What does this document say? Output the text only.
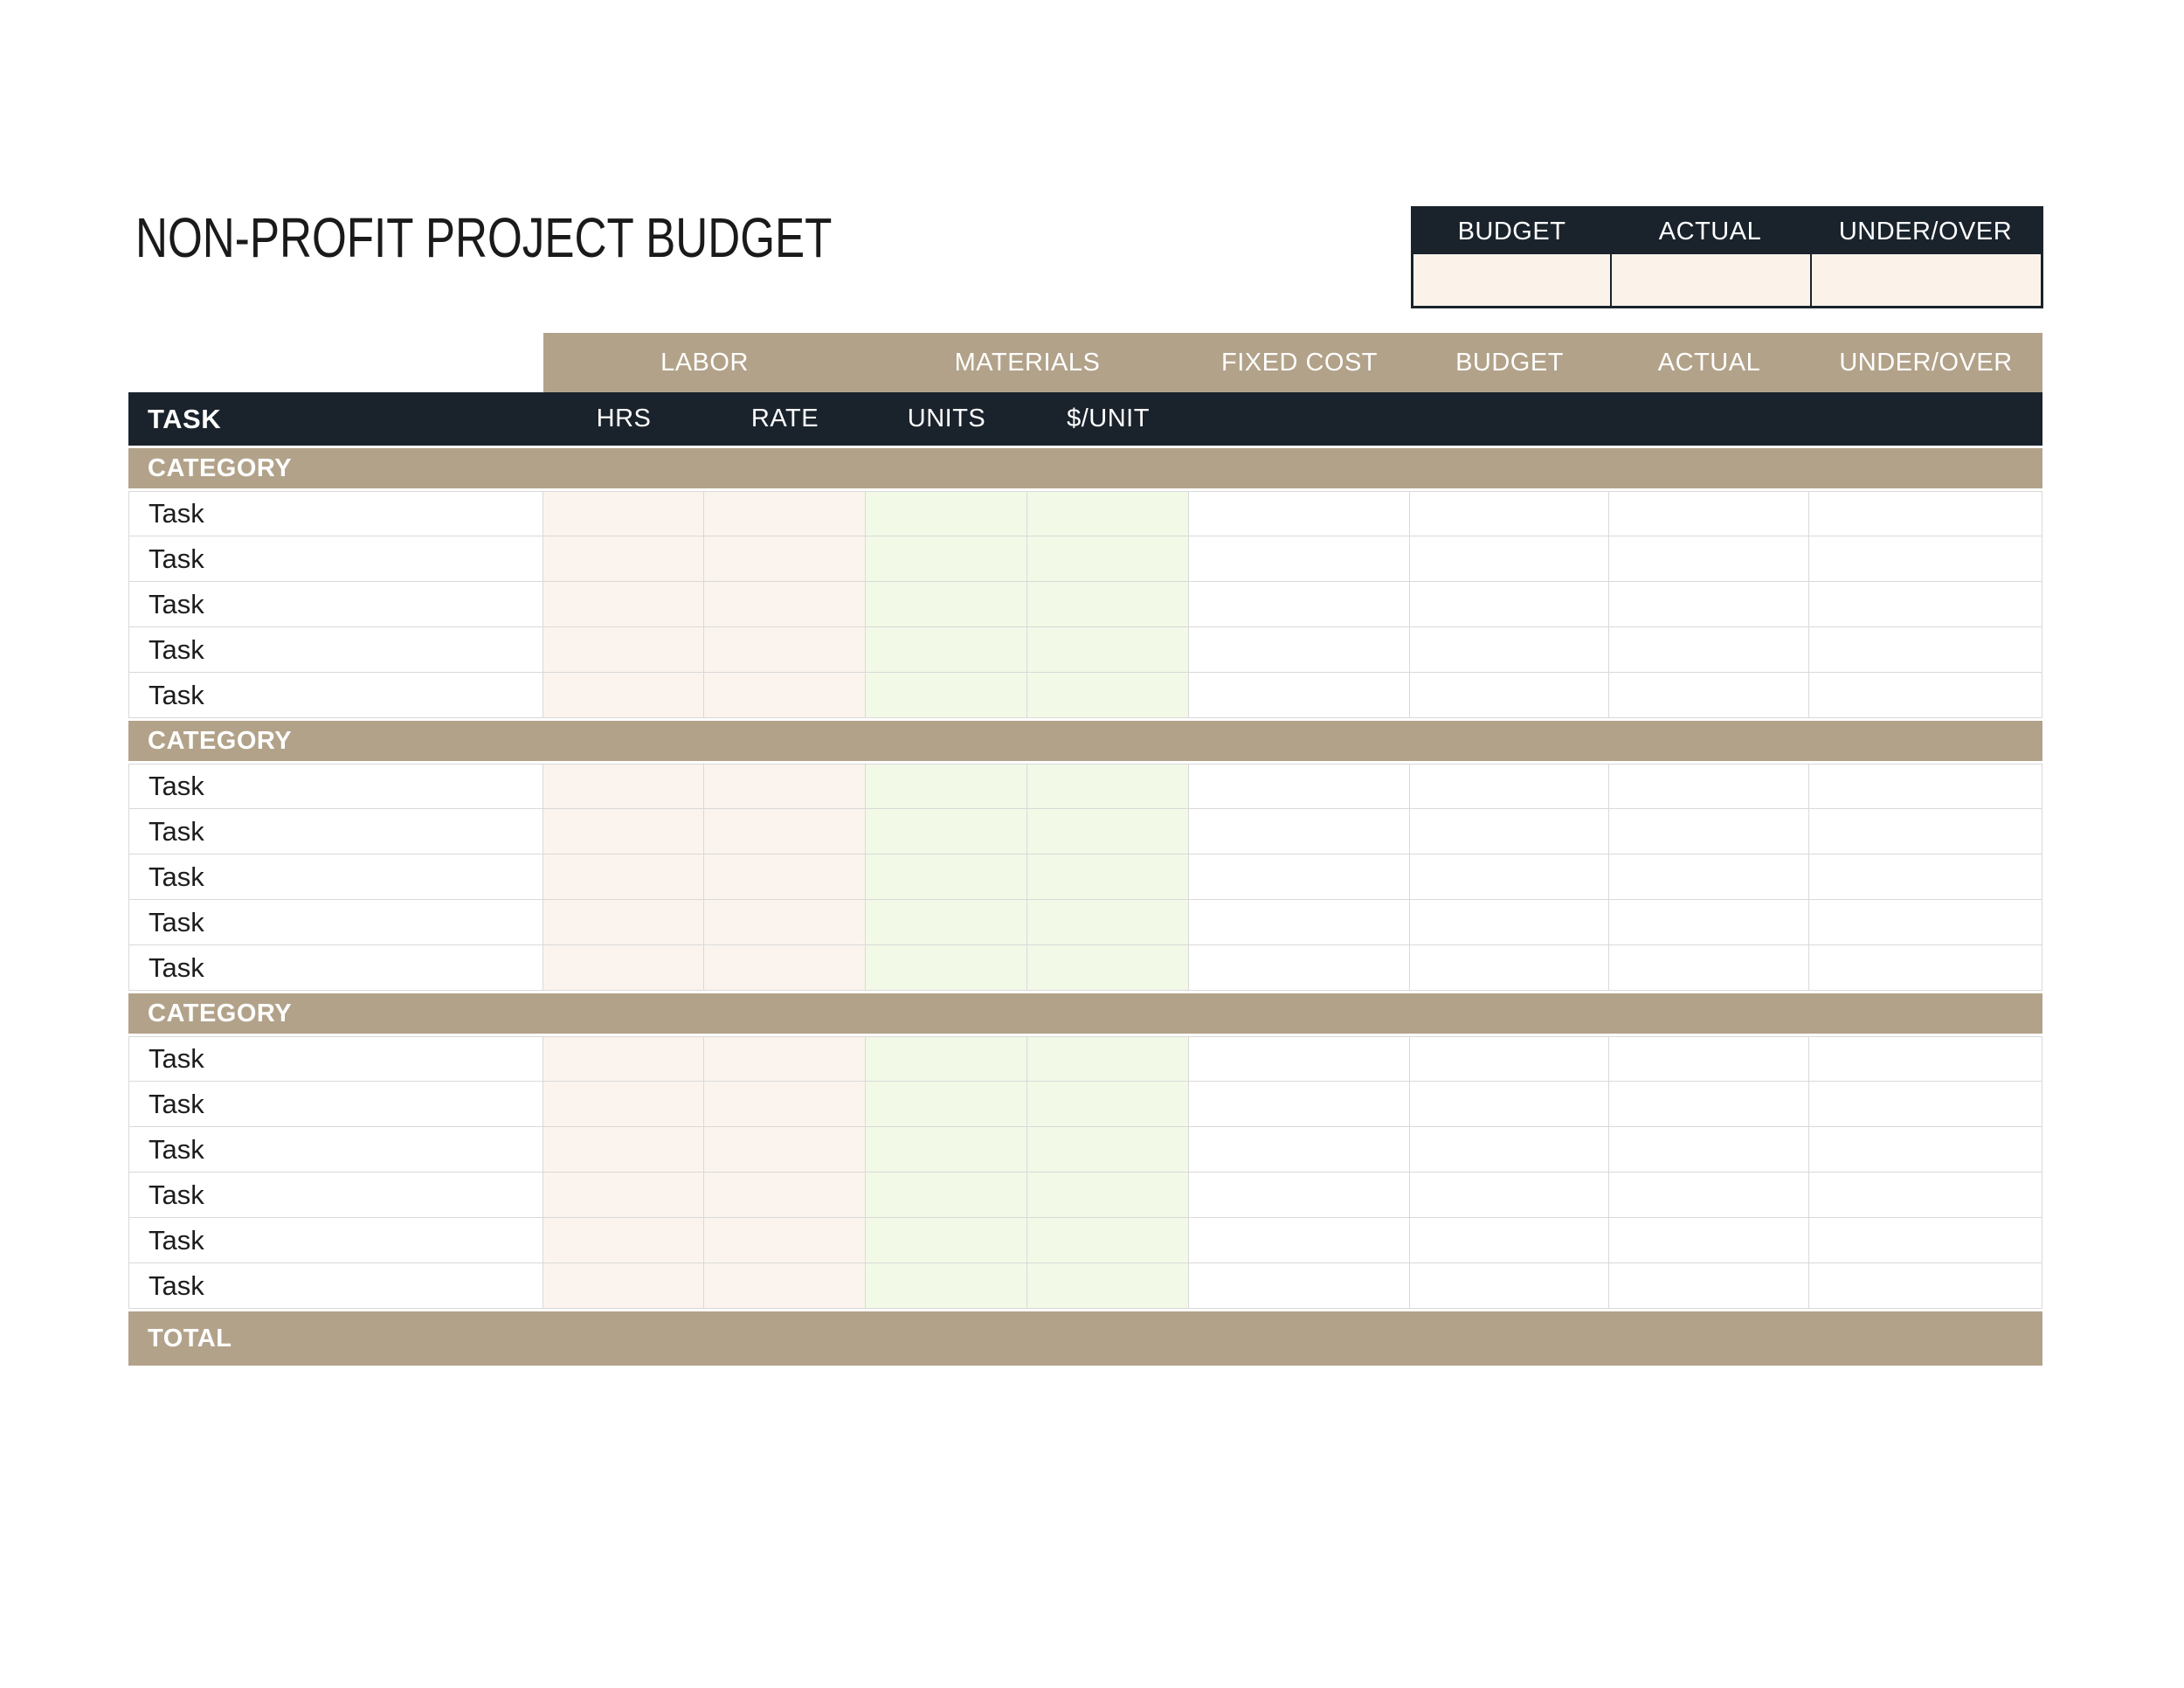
NON-PROFIT PROJECT BUDGET	BUDGET	ACTUAL	UNDER/OVER
LABOR	MATERIALS	FIXED COST	BUDGET	ACTUAL	UNDER/OVER
TASK	HRS	RATE	UNITS	$/UNIT
CATEGORY
Task
Task
Task
Task
Task
CATEGORY
Task
Task
Task
Task
Task
CATEGORY
Task
Task
Task
Task
Task
Task
TOTAL
